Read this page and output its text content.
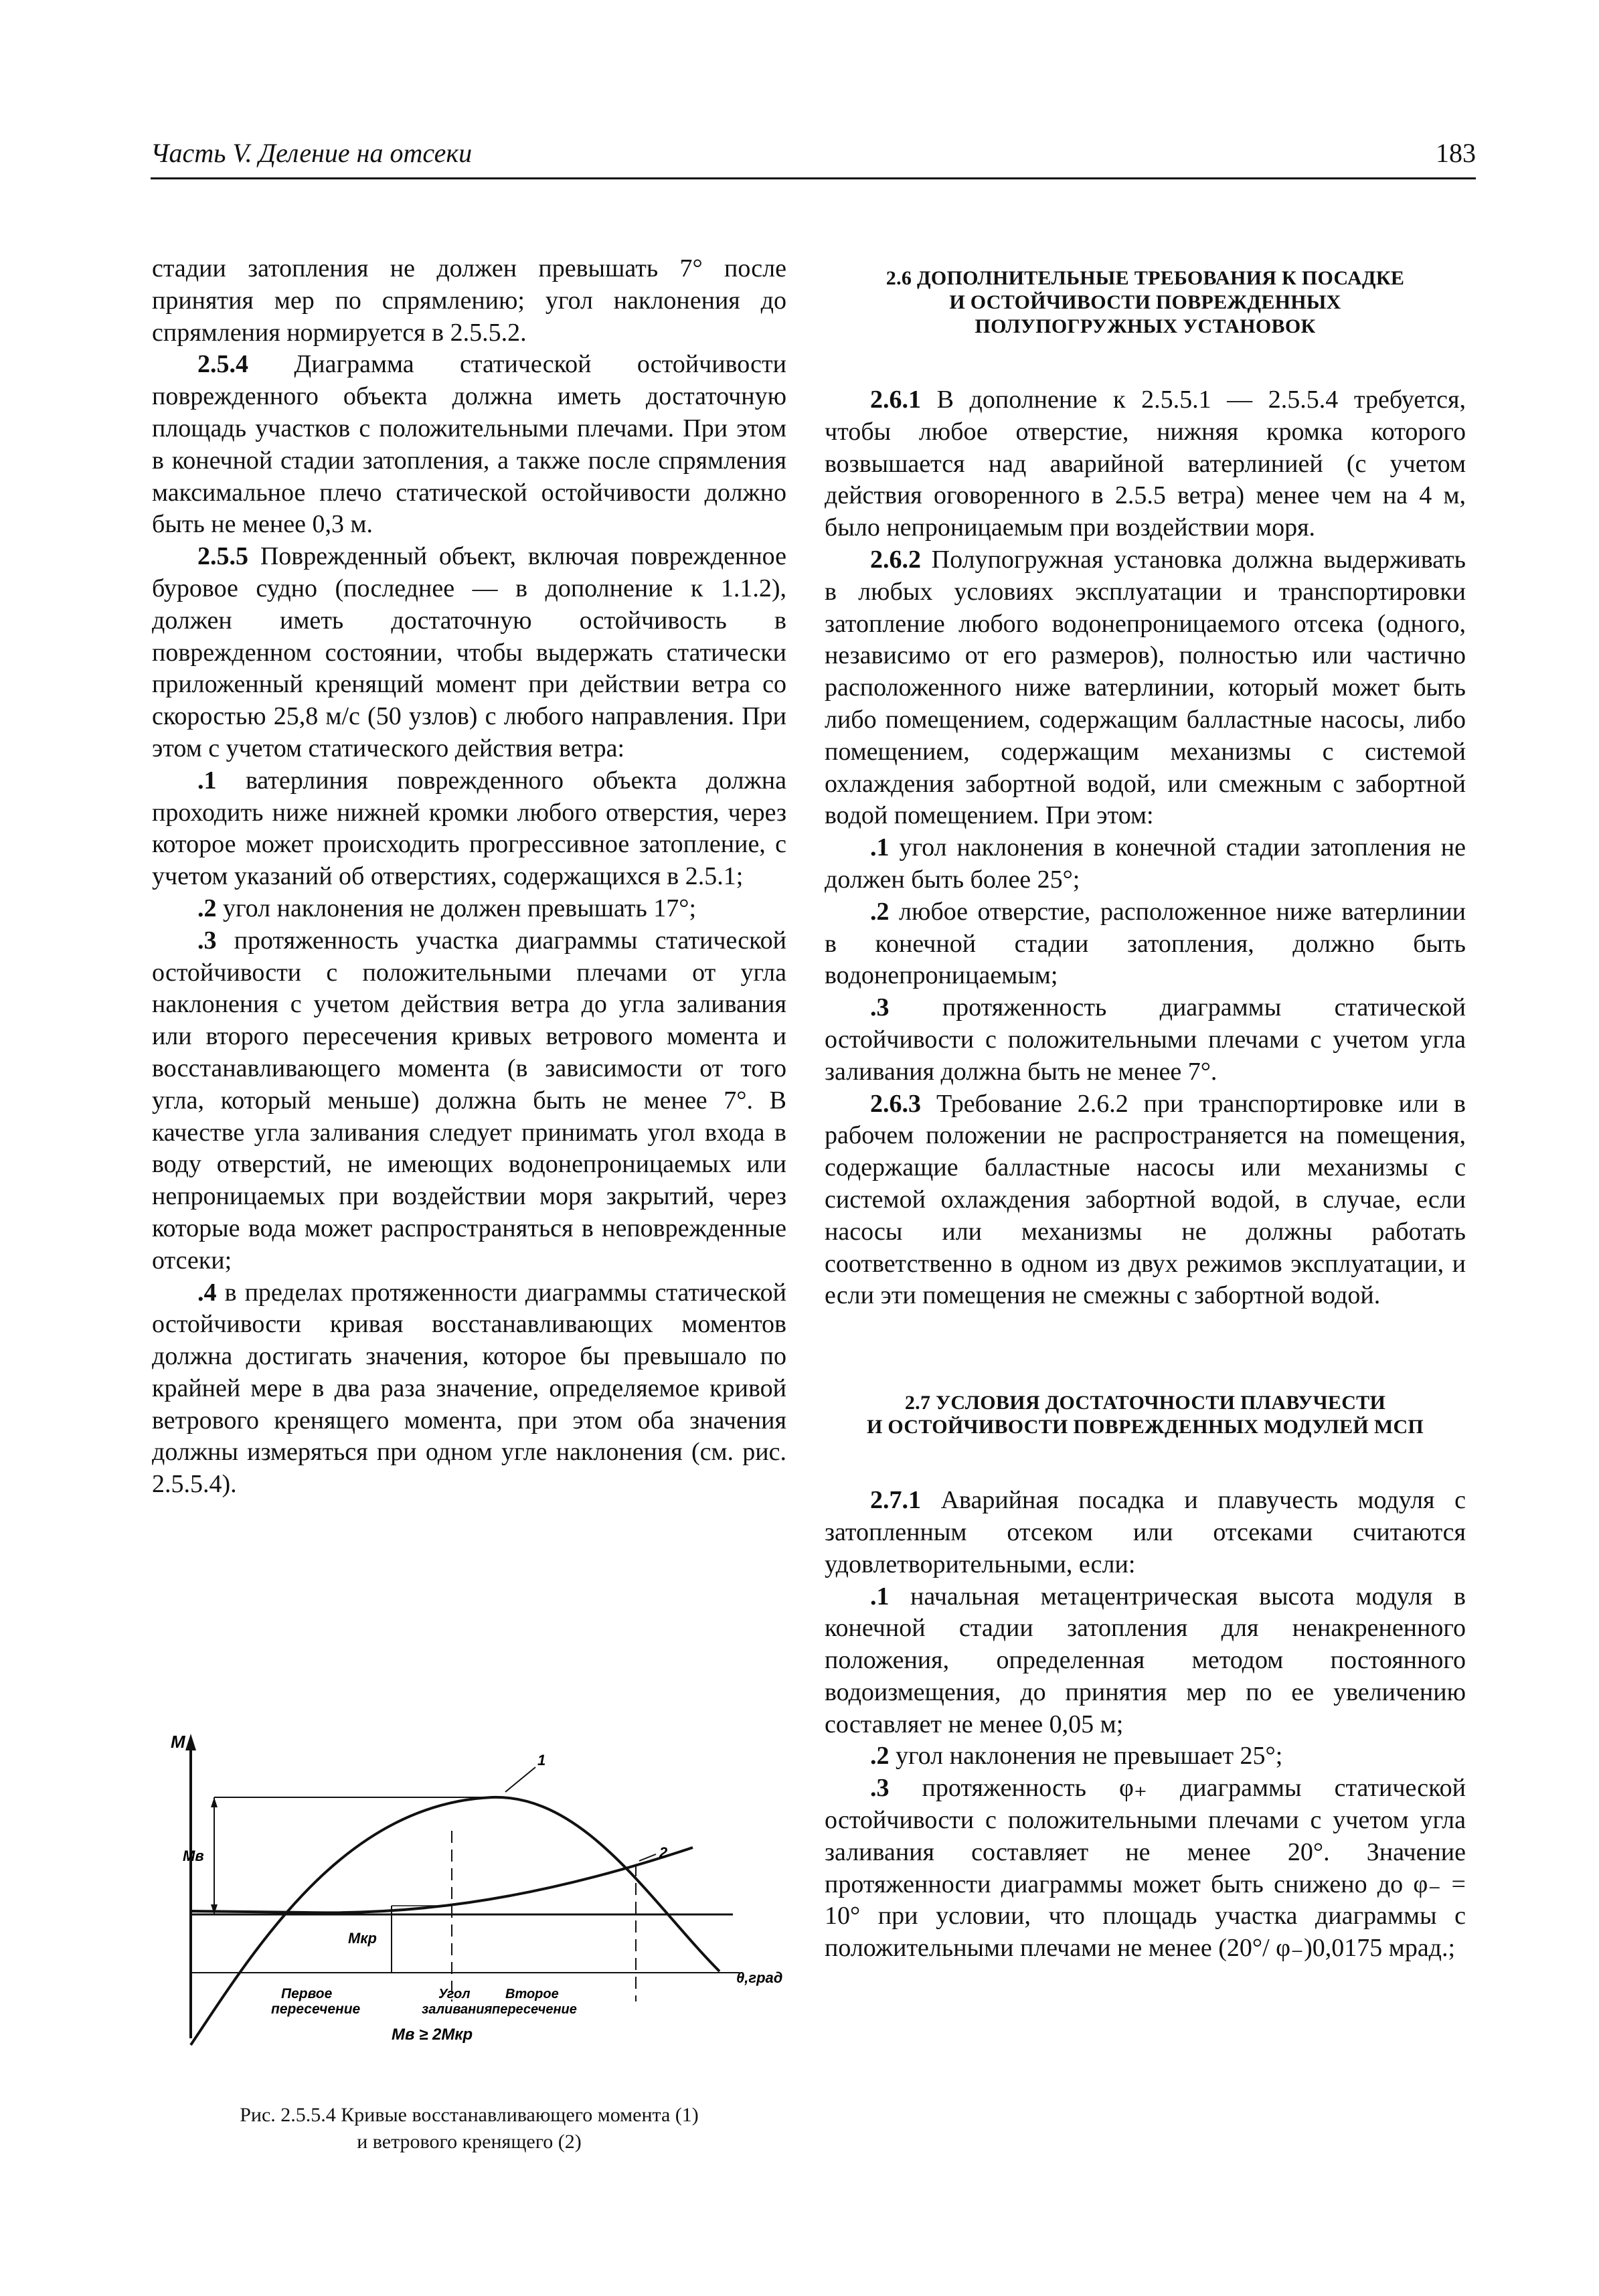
Часть V. Деление на отсеки	183

стадии затопления не должен превышать 7° после принятия мер по спрямлению; угол наклонения до спрямления нормируется в 2.5.5.2.

2.5.4 Диаграмма статической остойчивости поврежденного объекта должна иметь достаточную площадь участков с положительными плечами. При этом в конечной стадии затопления, а также после спрямления максимальное плечо статической остойчивости должно быть не менее 0,3 м.

2.5.5 Поврежденный объект, включая поврежденное буровое судно (последнее — в дополнение к 1.1.2), должен иметь достаточную остойчивость в поврежденном состоянии, чтобы выдержать статически приложенный кренящий момент при действии ветра со скоростью 25,8 м/с (50 узлов) с любого направления. При этом с учетом статического действия ветра:

.1 ватерлиния поврежденного объекта должна проходить ниже нижней кромки любого отверстия, через которое может происходить прогрессивное затопление, с учетом указаний об отверстиях, содержащихся в 2.5.1;

.2 угол наклонения не должен превышать 17°;

.3 протяженность участка диаграммы статической остойчивости с положительными плечами от угла наклонения с учетом действия ветра до угла заливания или второго пересечения кривых ветрового момента и восстанавливающего момента (в зависимости от того угла, который меньше) должна быть не менее 7°. В качестве угла заливания следует принимать угол входа в воду отверстий, не имеющих водонепроницаемых или непроницаемых при воздействии моря закрытий, через которые вода может распространяться в неповрежденные отсеки;

.4 в пределах протяженности диаграммы статической остойчивости кривая восстанавливающих моментов должна достигать значения, которое бы превышало по крайней мере в два раза значение, определяемое кривой ветрового кренящего момента, при этом оба значения должны измеряться при одном угле наклонения (см. рис. 2.5.5.4).

M
θ,град
Mв
Mкр
1
2
Первое
пересечение
Угол
заливания
Второе
пересечение
Mв ≥ 2Mкр
Рис. 2.5.5.4 Кривые восстанавливающего момента (1)
и ветрового кренящего (2)

2.6 ДОПОЛНИТЕЛЬНЫЕ ТРЕБОВАНИЯ К ПОСАДКЕ

И ОСТОЙЧИВОСТИ ПОВРЕЖДЕННЫХ

ПОЛУПОГРУЖНЫХ УСТАНОВОК

2.6.1 В дополнение к 2.5.5.1 — 2.5.5.4 требуется, чтобы любое отверстие, нижняя кромка которого возвышается над аварийной ватерлинией (с учетом действия оговоренного в 2.5.5 ветра) менее чем на 4 м, было непроницаемым при воздействии моря.

2.6.2 Полупогружная установка должна выдерживать в любых условиях эксплуатации и транспортировки затопление любого водонепроницаемого отсека (одного, независимо от его размеров), полностью или частично расположенного ниже ватерлинии, который может быть либо помещением, содержащим балластные насосы, либо помещением, содержащим механизмы с системой охлаждения забортной водой, или смежным с забортной водой помещением. При этом:

.1 угол наклонения в конечной стадии затопления не должен быть более 25°;

.2 любое отверстие, расположенное ниже ватерлинии в конечной стадии затопления, должно быть водонепроницаемым;

.3 протяженность диаграммы статической остойчивости с положительными плечами с учетом угла заливания должна быть не менее 7°.

2.6.3 Требование 2.6.2 при транспортировке или в рабочем положении не распространяется на помещения, содержащие балластные насосы или механизмы с системой охлаждения забортной водой, в случае, если насосы или механизмы не должны работать соответственно в одном из двух режимов эксплуатации, и если эти помещения не смежны с забортной водой.

2.7 УСЛОВИЯ ДОСТАТОЧНОСТИ ПЛАВУЧЕСТИ

И ОСТОЙЧИВОСТИ ПОВРЕЖДЕННЫХ МОДУЛЕЙ МСП

2.7.1 Аварийная посадка и плавучесть модуля с затопленным отсеком или отсеками считаются удовлетворительными, если:

.1 начальная метацентрическая высота модуля в конечной стадии затопления для ненакрененного положения, определенная методом постоянного водоизмещения, до принятия мер по ее увеличению составляет не менее 0,05 м;

.2 угол наклонения не превышает 25°;

.3 протяженность φ₊ диаграммы статической остойчивости с положительными плечами с учетом угла заливания составляет не менее 20°. Значение протяженности диаграммы может быть снижено до φ₋ = 10° при условии, что площадь участка диаграммы с положительными плечами не менее (20°/ φ₋)0,0175 мрад.;
